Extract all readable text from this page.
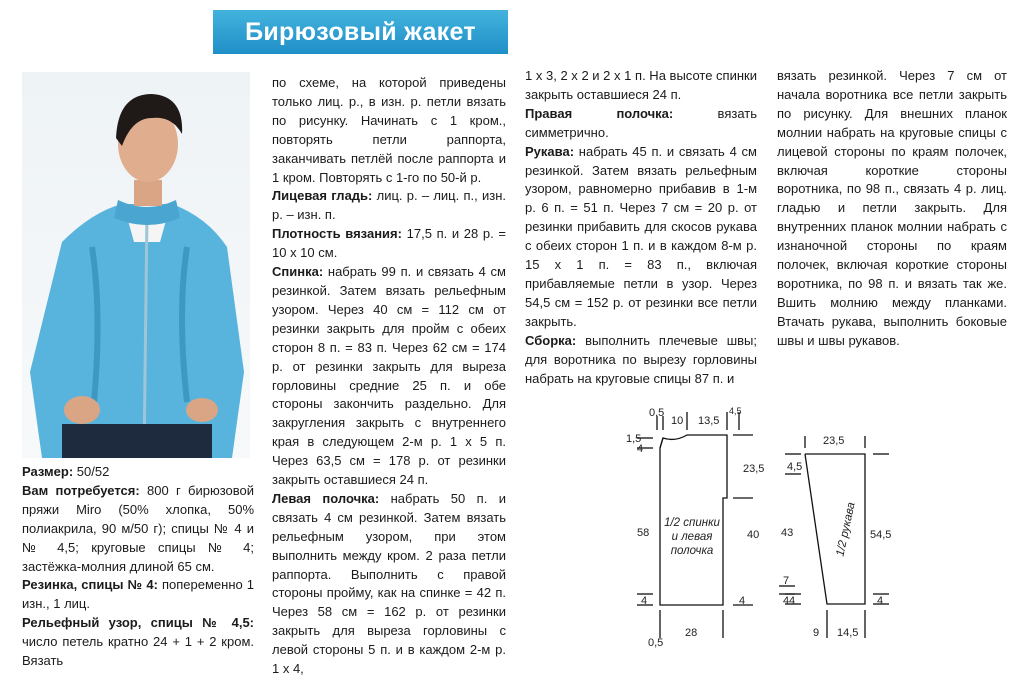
Бирюзовый жакет

Размер: 50/52

Вам потребуется: 800 г бирюзовой пряжи Miro (50% хлопка, 50% полиакрила, 90 м/50 г); спицы № 4 и № 4,5; круговые спицы № 4; застёжка-молния длиной 65 см.

Резинка, спицы № 4: попеременно 1 изн., 1 лиц.

Рельефный узор, спицы № 4,5: число петель кратно 24 + 1 + 2 кром. Вязать

по схеме, на которой приведены только лиц. р., в изн. р. петли вязать по рисунку. Начинать с 1 кром., повторять петли раппорта, заканчивать петлёй после раппорта и 1 кром. Повторять с 1-го по 50-й р.

Лицевая гладь: лиц. р. – лиц. п., изн. р. – изн. п.

Плотность вязания: 17,5 п. и 28 р. = 10 x 10 см.

Спинка: набрать 99 п. и связать 4 см резинкой. Затем вязать рельефным узором. Через 40 см = 112 см от резинки закрыть для пройм с обеих сторон 8 п. = 83 п. Через 62 см = 174 р. от резинки закрыть для выреза горловины средние 25 п. и обе стороны закончить раздельно. Для закругления закрыть с внутреннего края в следующем 2-м р. 1 x 5 п. Через 63,5 см = 178 р. от резинки закрыть оставшиеся 24 п.

Левая полочка: набрать 50 п. и связать 4 см резинкой. Затем вязать рельефным узором, при этом выполнить между кром. 2 раза петли раппорта. Выполнить с правой стороны пройму, как на спинке = 42 п. Через 58 см = 162 р. от резинки закрыть для выреза горловины с левой стороны 5 п. и в каждом 2-м р. 1 x 4,

1 x 3, 2 x 2 и 2 x 1 п. На высоте спинки закрыть оставшиеся 24 п.

Правая полочка: вязать симметрично.

Рукава: набрать 45 п. и связать 4 см резинкой. Затем вязать рельефным узором, равномерно прибавив в 1-м р. 6 п. = 51 п. Через 7 см = 20 р. от резинки прибавить для скосов рукава с обеих сторон 1 п. и в каждом 8-м р. 15 x 1 п. = 83 п., включая прибавляемые петли в узор. Через 54,5 см = 152 р. от резинки все петли закрыть.

Сборка: выполнить плечевые швы; для воротника по вырезу горловины набрать на круговые спицы 87 п. и

вязать резинкой. Через 7 см от начала воротника все петли закрыть по рисунку. Для внешних планок молнии набрать на круговые спицы с лицевой стороны по краям полочек, включая короткие стороны воротника, по 98 п., связать 4 р. лиц. гладью и петли закрыть. Для внутренних планок молнии набрать с изнаночной стороны по краям полочек, включая короткие стороны воротника, по 98 п. и вязать так же. Вшить молнию между планками. Втачать рукава, выполнить боковые швы и швы рукавов.

0,5
10 13,5
4,5
1,5
4
58
4
0,5
28
23,5
40
7
4
4
1/2 спинки
и левая
полочка
23,5
4,5
43
4
54,5
4
9 14,5
1/2 рукава
